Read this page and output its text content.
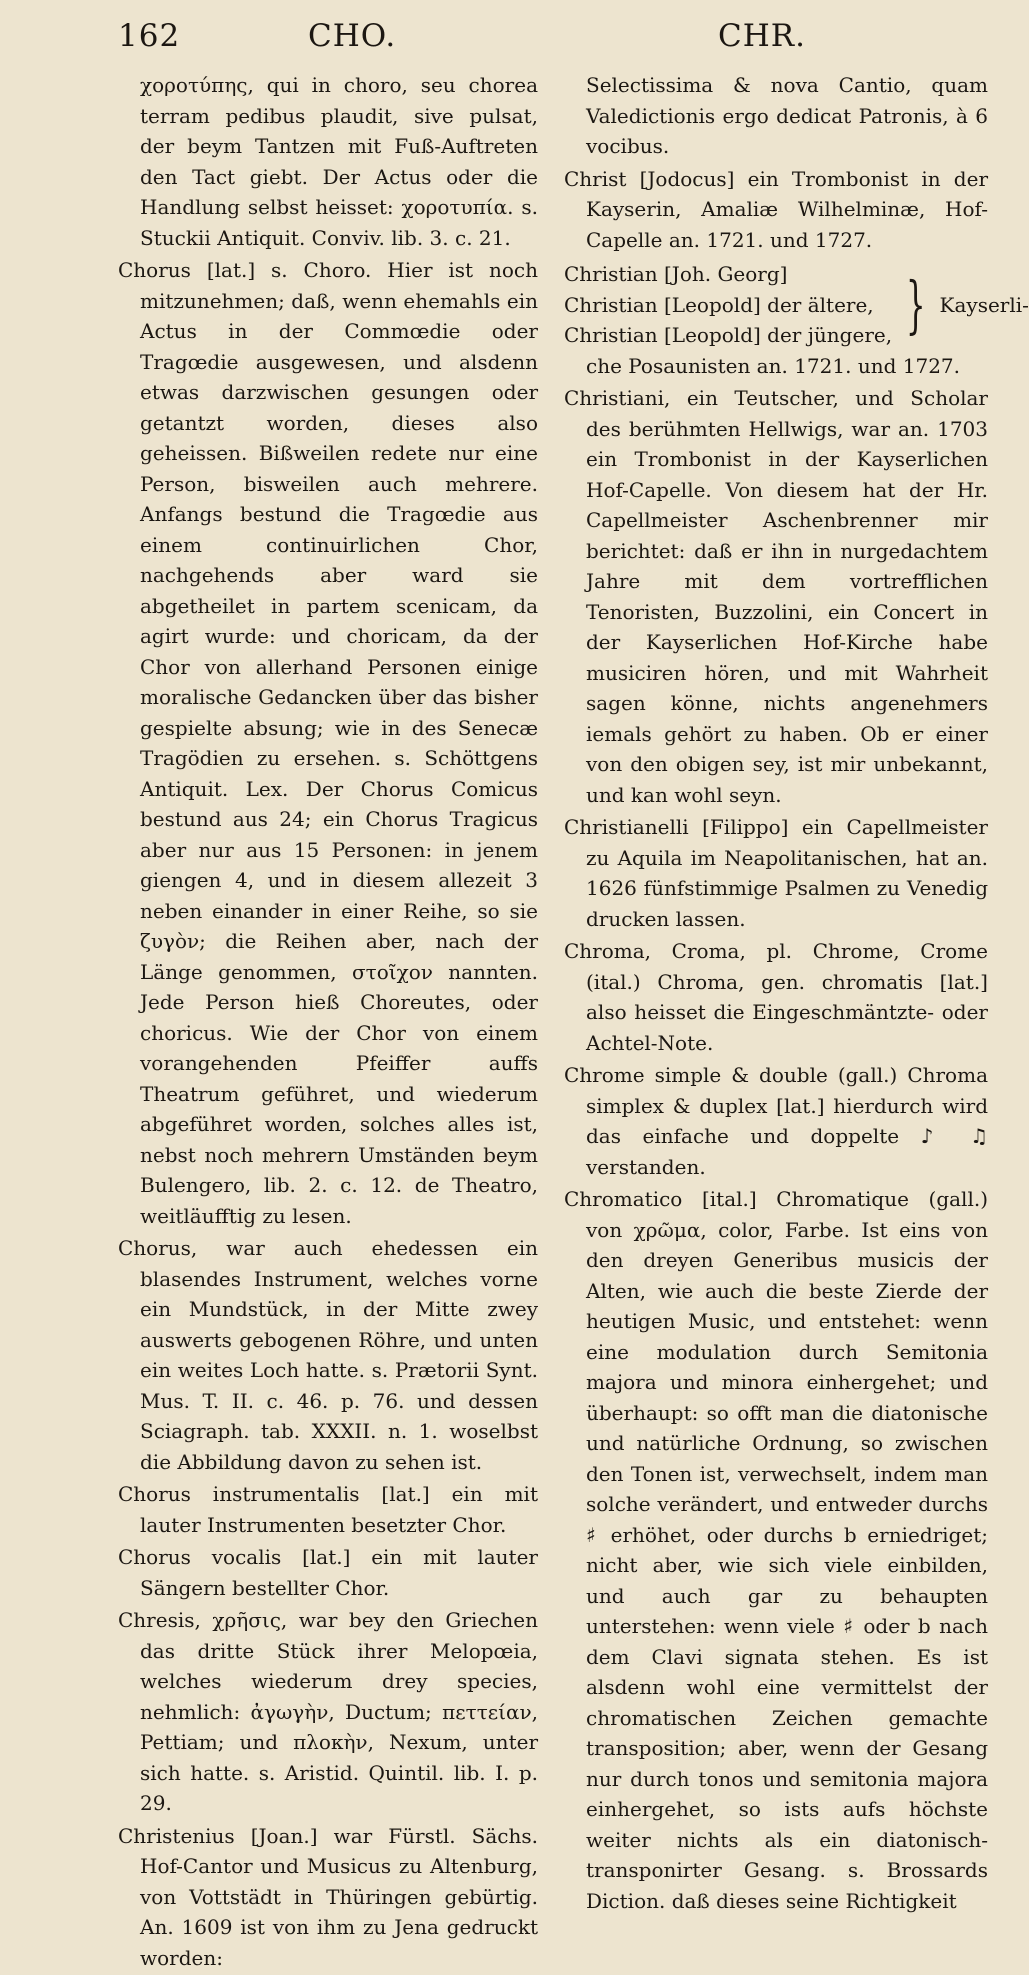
162	CHO.	CHR.

χοροτύπης, qui in choro, seu chorea terram pedibus plaudit, sive pulsat, der beym Tantzen mit Fuß-Auftreten den Tact giebt. Der Actus oder die Handlung selbst heisset: χοροτυπία. s. Stuckii Antiquit. Conviv. lib. 3. c. 21.

Chorus [lat.] s. Choro. Hier ist noch mitzunehmen; daß, wenn ehemahls ein Actus in der Commœdie oder Tragœdie ausgewesen, und alsdenn etwas darzwischen gesungen oder getantzt worden, dieses also geheissen. Bißweilen redete nur eine Person, bisweilen auch mehrere. Anfangs bestund die Tragœdie aus einem continuirlichen Chor, nachgehends aber ward sie abgetheilet in partem scenicam, da agirt wurde: und choricam, da der Chor von allerhand Personen einige moralische Gedancken über das bisher gespielte absung; wie in des Senecæ Tragödien zu ersehen. s. Schöttgens Antiquit. Lex. Der Chorus Comicus bestund aus 24; ein Chorus Tragicus aber nur aus 15 Personen: in jenem giengen 4, und in diesem allezeit 3 neben einander in einer Reihe, so sie ζυγὸν; die Reihen aber, nach der Länge genommen, στοῖχον nannten. Jede Person hieß Choreutes, oder choricus. Wie der Chor von einem vorangehenden Pfeiffer auffs Theatrum geführet, und wiederum abgeführet worden, solches alles ist, nebst noch mehrern Umständen beym Bulengero, lib. 2. c. 12. de Theatro, weitläufftig zu lesen.

Chorus, war auch ehedessen ein blasendes Instrument, welches vorne ein Mundstück, in der Mitte zwey auswerts gebogenen Röhre, und unten ein weites Loch hatte. s. Prætorii Synt. Mus. T. II. c. 46. p. 76. und dessen Sciagraph. tab. XXXII. n. 1. woselbst die Abbildung davon zu sehen ist.

Chorus instrumentalis [lat.] ein mit lauter Instrumenten besetzter Chor.

Chorus vocalis [lat.] ein mit lauter Sängern bestellter Chor.

Chresis, χρῆσις, war bey den Griechen das dritte Stück ihrer Melopœia, welches wiederum drey species, nehmlich: ἀγωγὴν, Ductum; πεττείαν, Pettiam; und πλοκὴν, Nexum, unter sich hatte. s. Aristid. Quintil. lib. I. p. 29.

Christenius [Joan.] war Fürstl. Sächs. Hof-Cantor und Musicus zu Altenburg, von Vottstädt in Thüringen gebürtig. An. 1609 ist von ihm zu Jena gedruckt worden:

Selectissima & nova Cantio, quam Valedictionis ergo dedicat Patronis, à 6 vocibus.

Christ [Jodocus] ein Trombonist in der Kayserin, Amaliæ Wilhelminæ, Hof-Capelle an. 1721. und 1727.

Christian [Joh. Georg]
Christian [Leopold] der ältere,
Christian [Leopold] der jüngere, } Kayserli-
che Posaunisten an. 1721. und 1727.

Christiani, ein Teutscher, und Scholar des berühmten Hellwigs, war an. 1703 ein Trombonist in der Kayserlichen Hof-Capelle. Von diesem hat der Hr. Capellmeister Aschenbrenner mir berichtet: daß er ihn in nurgedachtem Jahre mit dem vortrefflichen Tenoristen, Buzzolini, ein Concert in der Kayserlichen Hof-Kirche habe musiciren hören, und mit Wahrheit sagen könne, nichts angenehmers iemals gehört zu haben. Ob er einer von den obigen sey, ist mir unbekannt, und kan wohl seyn.

Christianelli [Filippo] ein Capellmeister zu Aquila im Neapolitanischen, hat an. 1626 fünfstimmige Psalmen zu Venedig drucken lassen.

Chroma, Croma, pl. Chrome, Crome (ital.) Chroma, gen. chromatis [lat.] also heisset die Eingeschmäntzte- oder Achtel-Note.

Chrome simple & double (gall.) Chroma simplex & duplex [lat.] hierdurch wird das einfache und doppelte ♪ ♫ verstanden.

Chromatico [ital.] Chromatique (gall.) von χρῶμα, color, Farbe. Ist eins von den dreyen Generibus musicis der Alten, wie auch die beste Zierde der heutigen Music, und entstehet: wenn eine modulation durch Semitonia majora und minora einhergehet; und überhaupt: so offt man die diatonische und natürliche Ordnung, so zwischen den Tonen ist, verwechselt, indem man solche verändert, und entweder durchs ♯ erhöhet, oder durchs b erniedriget; nicht aber, wie sich viele einbilden, und auch gar zu behaupten unterstehen: wenn viele ♯ oder b nach dem Clavi signata stehen. Es ist alsdenn wohl eine vermittelst der chromatischen Zeichen gemachte transposition; aber, wenn der Gesang nur durch tonos und semitonia majora einhergehet, so ists aufs höchste weiter nichts als ein diatonisch- transponirter Gesang. s. Brossards Diction. daß dieses seine Richtigkeit
